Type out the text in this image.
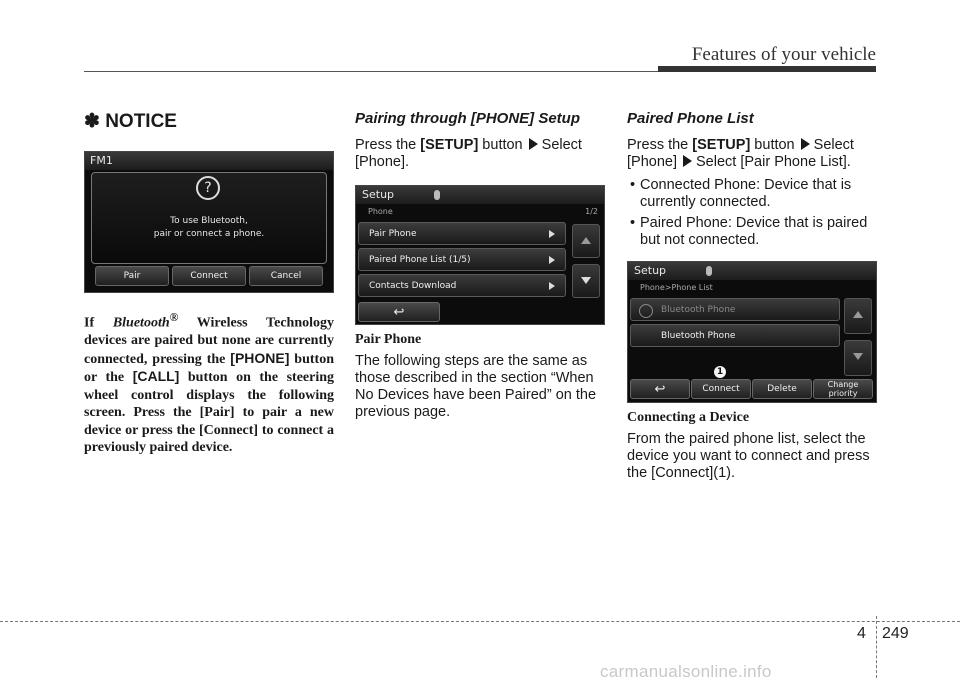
Features of your vehicle
✽ NOTICE
FM1
?
To use Bluetooth,
pair or connect a phone.
Pair	Connect	Cancel

If Bluetooth® Wireless Technology devices are paired but none are currently connected, pressing the [PHONE] button or the [CALL] button on the steering wheel control displays the following screen. Press the [Pair] to pair a new device or press the [Connect] to connect a previously paired device.

Pairing through [PHONE] Setup

Press the [SETUP] button Select [Phone].

Setup
Phone	1/2
Pair Phone
Paired Phone List (1/5)
Contacts Download
↩
Pair Phone

The following steps are the same as those described in the section “When No Devices have been Paired” on the previous page.

Paired Phone List

Press the [SETUP] button Select
[Phone] Select [Pair Phone List].

• Connected Phone: Device that is currently connected.
• Paired Phone: Device that is paired but not connected.
Setup
Phone>Phone List
Bluetooth Phone
Bluetooth Phone
↩	Connect	Delete	Change priority
1
Connecting a Device

From the paired phone list, select the device you want to connect and press the [Connect](1).

4 249
carmanualsonline.info
